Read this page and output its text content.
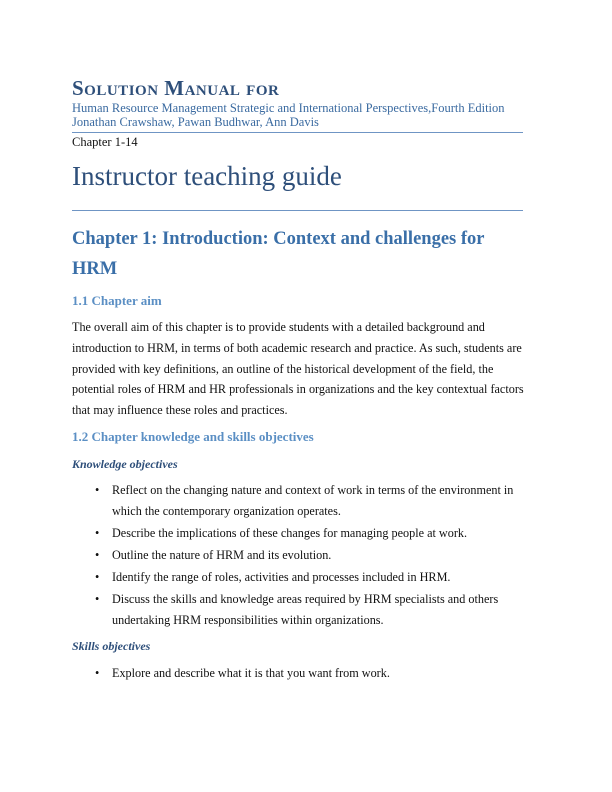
Solution Manual for
Human Resource Management Strategic and International Perspectives,Fourth Edition
Jonathan Crawshaw, Pawan Budhwar, Ann Davis
Chapter 1-14
Instructor teaching guide
Chapter 1: Introduction: Context and challenges for HRM
1.1 Chapter aim
The overall aim of this chapter is to provide students with a detailed background and introduction to HRM, in terms of both academic research and practice. As such, students are provided with key definitions, an outline of the historical development of the field, the potential roles of HRM and HR professionals in organizations and the key contextual factors that may influence these roles and practices.
1.2 Chapter knowledge and skills objectives
Knowledge objectives
• Reflect on the changing nature and context of work in terms of the environment in which the contemporary organization operates.
• Describe the implications of these changes for managing people at work.
• Outline the nature of HRM and its evolution.
• Identify the range of roles, activities and processes included in HRM.
• Discuss the skills and knowledge areas required by HRM specialists and others undertaking HRM responsibilities within organizations.
Skills objectives
• Explore and describe what it is that you want from work.
